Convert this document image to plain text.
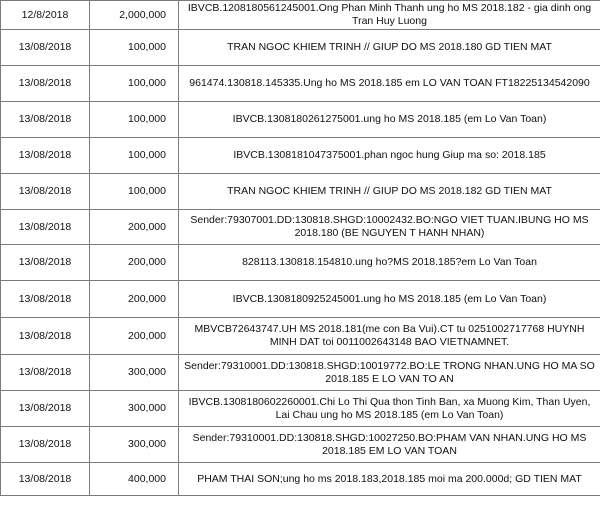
12/8/2018	2,000,000	IBVCB.1208180561245001.Ong Phan Minh Thanh ung ho MS 2018.182 - gia dinh ong Tran Huy Luong
13/08/2018	100,000	TRAN NGOC KHIEM TRINH // GIUP DO MS 2018.180 GD TIEN MAT
13/08/2018	100,000	961474.130818.145335.Ung ho MS 2018.185 em LO VAN TOAN FT18225134542090
13/08/2018	100,000	IBVCB.1308180261275001.ung ho MS 2018.185 (em Lo Van Toan)
13/08/2018	100,000	IBVCB.1308181047375001.phan ngoc hung Giup ma so: 2018.185
13/08/2018	100,000	TRAN NGOC KHIEM TRINH // GIUP DO MS 2018.182 GD TIEN MAT
13/08/2018	200,000	Sender:79307001.DD:130818.SHGD:10002432.BO:NGO VIET TUAN.IBUNG HO MS 2018.180 (BE NGUYEN T HANH NHAN)
13/08/2018	200,000	828113.130818.154810.ung ho?MS 2018.185?em Lo Van Toan
13/08/2018	200,000	IBVCB.1308180925245001.ung ho MS 2018.185 (em Lo Van Toan)
13/08/2018	200,000	MBVCB72643747.UH MS 2018.181(me con Ba Vui).CT tu 0251002717768 HUYNH MINH DAT toi 0011002643148 BAO VIETNAMNET.
13/08/2018	300,000	Sender:79310001.DD:130818.SHGD:10019772.BO:LE TRONG NHAN.UNG HO MA SO 2018.185 E LO VAN TO AN
13/08/2018	300,000	IBVCB.1308180602260001.Chi Lo Thi Qua thon Tinh Ban, xa Muong Kim, Than Uyen, Lai Chau ung ho MS 2018.185 (em Lo Van Toan)
13/08/2018	300,000	Sender:79310001.DD:130818.SHGD:10027250.BO:PHAM VAN NHAN.UNG HO MS 2018.185 EM LO VAN TOAN
13/08/2018	400,000	PHAM THAI SON;ung ho ms 2018.183,2018.185 moi ma 200.000d; GD TIEN MAT
